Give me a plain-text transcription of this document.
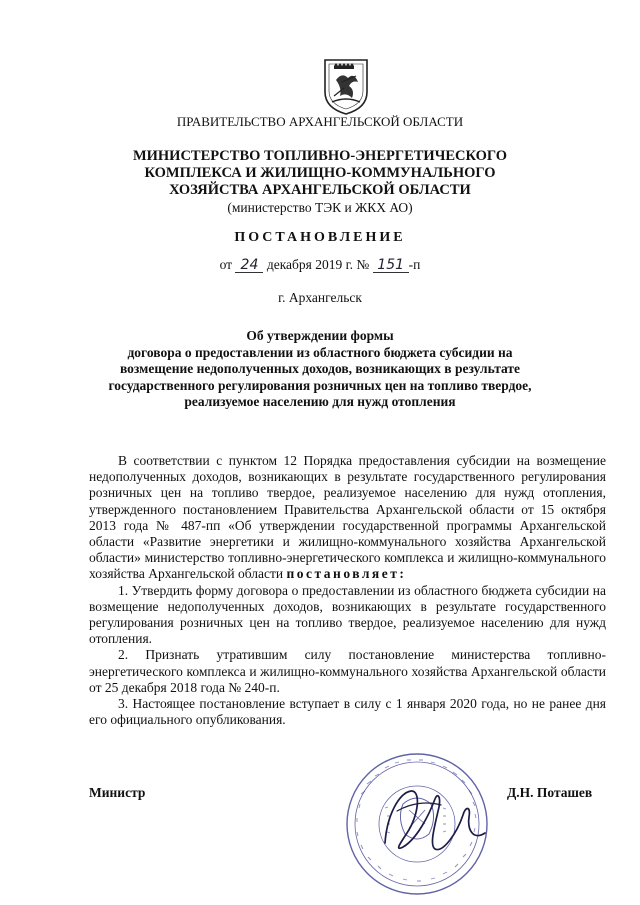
ПРАВИТЕЛЬСТВО АРХАНГЕЛЬСКОЙ ОБЛАСТИ
МИНИСТЕРСТВО ТОПЛИВНО-ЭНЕРГЕТИЧЕСКОГО
КОМПЛЕКСА И ЖИЛИЩНО-КОММУНАЛЬНОГО
ХОЗЯЙСТВА АРХАНГЕЛЬСКОЙ ОБЛАСТИ
(министерство ТЭК и ЖКХ АО)
ПОСТАНОВЛЕНИЕ
от 24 декабря 2019 г. № 151 -п
г. Архангельск
Об утверждении формы
договора о предоставлении из областного бюджета субсидии на
возмещение недополученных доходов, возникающих в результате
государственного регулирования розничных цен на топливо твердое,
реализуемое населению для нужд отопления

В соответствии с пунктом 12 Порядка предоставления субсидии на возмещение недополученных доходов, возникающих в результате государственного регулирования розничных цен на топливо твердое, реализуемое населению для нужд отопления, утвержденного постановлением Правительства Архангельской области от 15 октября 2013 года № 487-пп «Об утверждении государственной программы Архангельской области «Развитие энергетики и жилищно-коммунального хозяйства Архангельской области» министерство топливно-энергетического комплекса и жилищно-коммунального хозяйства Архангельской области постановляет:

1. Утвердить форму договора о предоставлении из областного бюджета субсидии на возмещение недополученных доходов, возникающих в результате государственного регулирования розничных цен на топливо твердое, реализуемое населению для нужд отопления.

2. Признать утратившим силу постановление министерства топливно-энергетического комплекса и жилищно-коммунального хозяйства Архангельской области от 25 декабря 2018 года № 240-п.

3. Настоящее постановление вступает в силу с 1 января 2020 года, но не ранее дня его официального опубликования.

Министр	Д.Н. Поташев
